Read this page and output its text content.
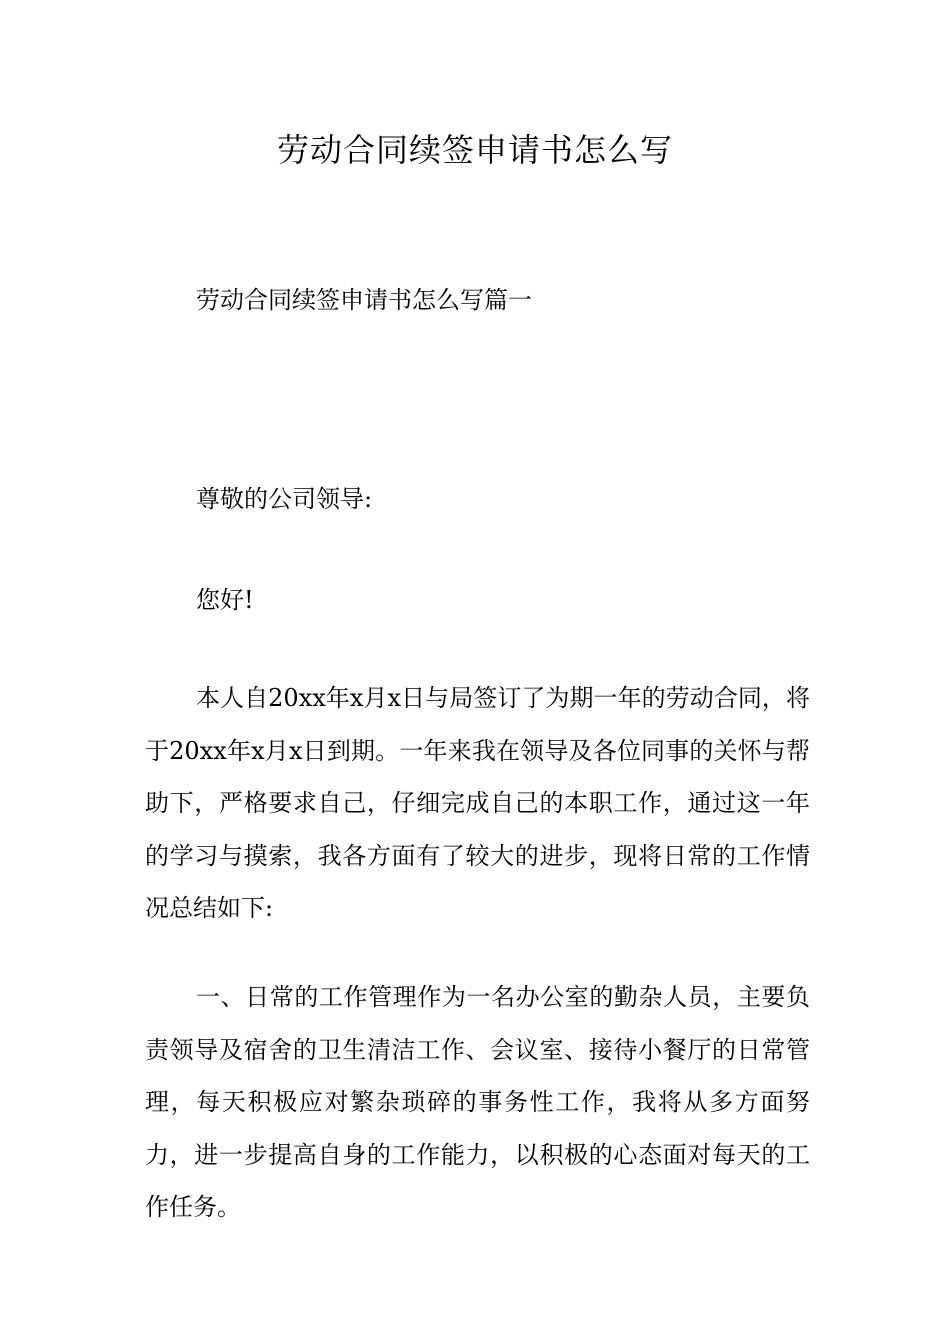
劳动合同续签申请书怎么写
劳动合同续签申请书怎么写篇一
尊敬的公司领导:
您好!
本人自20xx年x月x日与局签订了为期一年的劳动合同，将于20xx年x月x日到期。一年来我在领导及各位同事的关怀与帮助下，严格要求自己，仔细完成自己的本职工作，通过这一年的学习与摸索，我各方面有了较大的进步，现将日常的工作情况总结如下:
一、日常的工作管理作为一名办公室的勤杂人员，主要负责领导及宿舍的卫生清洁工作、会议室、接待小餐厅的日常管理，每天积极应对繁杂琐碎的事务性工作，我将从多方面努力，进一步提高自身的工作能力，以积极的心态面对每天的工作任务。
